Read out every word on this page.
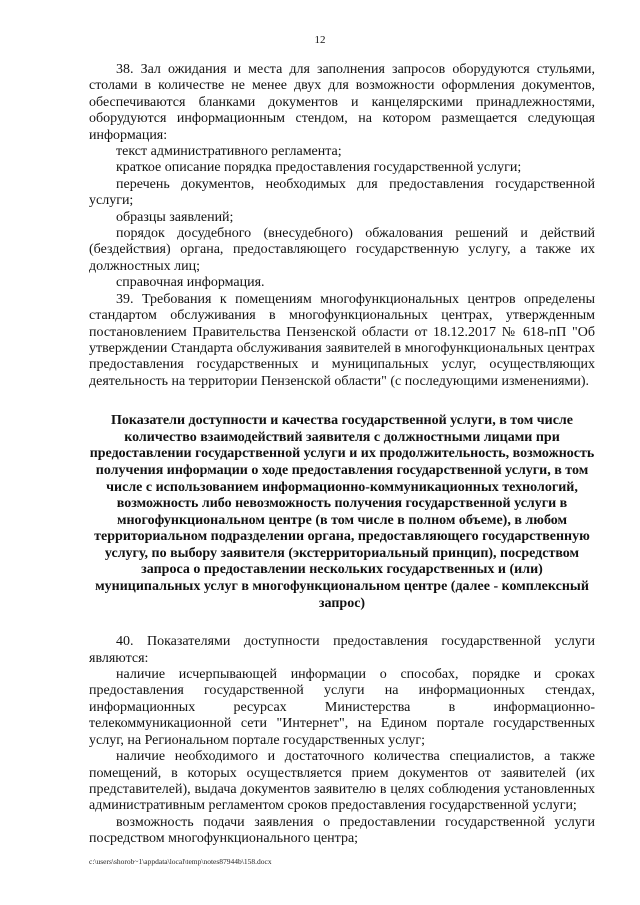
12

38. Зал ожидания и места для заполнения запросов оборудуются стульями, столами в количестве не менее двух для возможности оформления документов, обеспечиваются бланками документов и канцелярскими принадлежностями, оборудуются информационным стендом, на котором размещается следующая информация:

текст административного регламента;

краткое описание порядка предоставления государственной услуги;

перечень документов, необходимых для предоставления государственной услуги;

образцы заявлений;

порядок досудебного (внесудебного) обжалования решений и действий (бездействия) органа, предоставляющего государственную услугу, а также их должностных лиц;

справочная информация.

39. Требования к помещениям многофункциональных центров определены стандартом обслуживания в многофункциональных центрах, утвержденным постановлением Правительства Пензенской области от 18.12.2017 № 618-пП "Об утверждении Стандарта обслуживания заявителей в многофункциональных центрах предоставления государственных и муниципальных услуг, осуществляющих деятельность на территории Пензенской области" (с последующими изменениями).

Показатели доступности и качества государственной услуги, в том числе количество взаимодействий заявителя с должностными лицами при предоставлении государственной услуги и их продолжительность, возможность получения информации о ходе предоставления государственной услуги, в том числе с использованием информационно-коммуникационных технологий, возможность либо невозможность получения государственной услуги в многофункциональном центре (в том числе в полном объеме), в любом территориальном подразделении органа, предоставляющего государственную услугу, по выбору заявителя (экстерриториальный принцип), посредством запроса о предоставлении нескольких государственных и (или) муниципальных услуг в многофункциональном центре (далее - комплексный запрос)

40. Показателями доступности предоставления государственной услуги являются:

наличие исчерпывающей информации о способах, порядке и сроках предоставления государственной услуги на информационных стендах, информационных ресурсах Министерства в информационно-телекоммуникационной сети "Интернет", на Едином портале государственных услуг, на Региональном портале государственных услуг;

наличие необходимого и достаточного количества специалистов, а также помещений, в которых осуществляется прием документов от заявителей (их представителей), выдача документов заявителю в целях соблюдения установленных административным регламентом сроков предоставления государственной услуги;

возможность подачи заявления о предоставлении государственной услуги посредством многофункционального центра;

c:\users\shorob~1\appdata\local\temp\notes87944b\158.docx
